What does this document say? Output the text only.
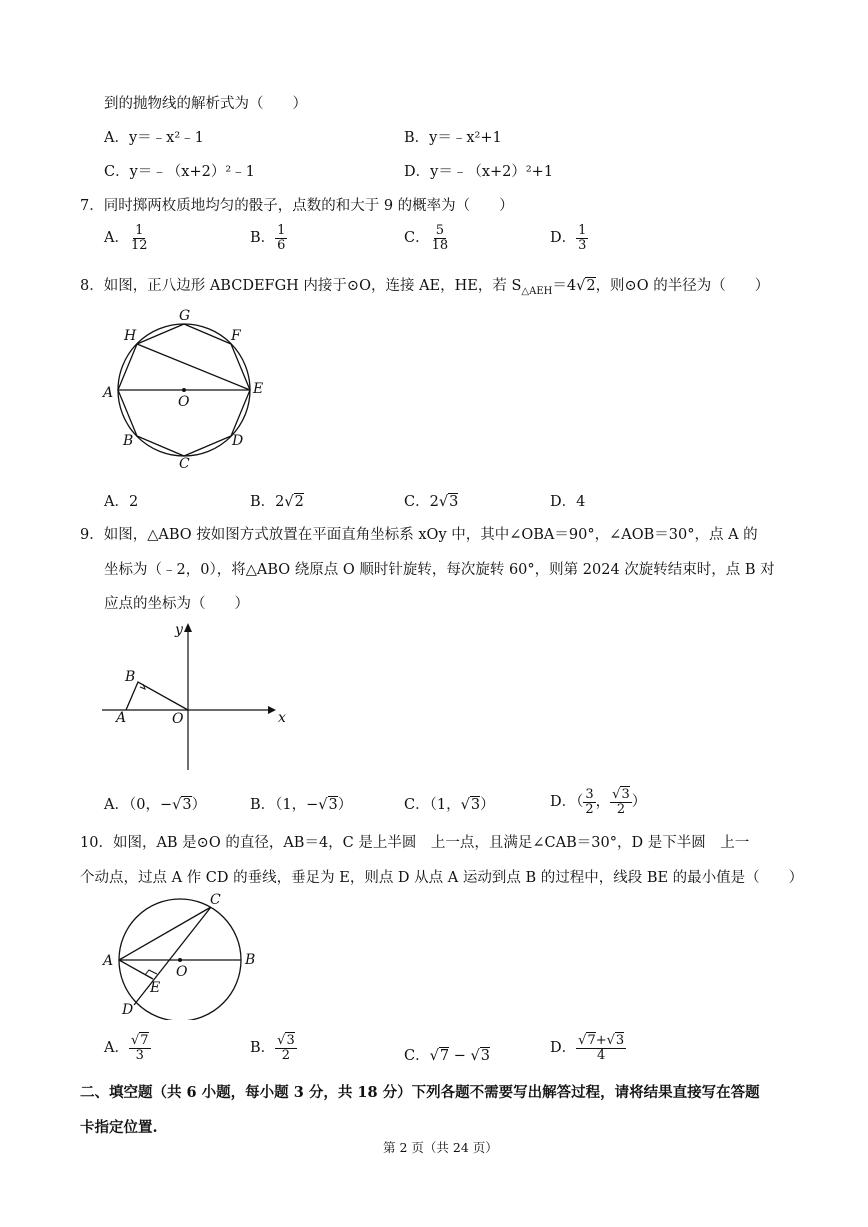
到的抛物线的解析式为（　　）
A．y＝﹣x²﹣1	B．y＝﹣x²+1
C．y＝﹣（x+2）²﹣1	D．y＝﹣（x+2）²+1
7．同时掷两枚质地均匀的骰子，点数的和大于 9 的概率为（　　）
A． $\frac{1}{12}$	B． $\frac{1}{6}$	C． $\frac{5}{18}$	D． $\frac{1}{3}$
8．如图，正八边形 ABCDEFGH 内接于⊙O，连接 AE，HE，若 $S_{\triangle AEH}=4√2$，则⊙O 的半径为（　　）
A
B
C
D
E
F
G
H
O
A．2	B．2√2	C．2√3	D．4
9．如图，△ABO 按如图方式放置在平面直角坐标系 xOy 中，其中∠OBA＝90°，∠AOB＝30°，点 A 的
坐标为（﹣2，0），将△ABO 绕原点 O 顺时针旋转，每次旋转 60°，则第 2024 次旋转结束时，点 B 对
应点的坐标为（　　）
x
y
A
B
O
A．（0，−√3）	B．（1，−√3）	C．（1，√3）	D．（ $\frac{3}{2}$ ， $\frac{√3}{2}$ ）
10．如图，AB 是⊙O 的直径，AB＝4，C 是上半圆　上一点，且满足∠CAB＝30°，D 是下半圆　上一
个动点，过点 A 作 CD 的垂线，垂足为 E，则点 D 从点 A 运动到点 B 的过程中，线段 BE 的最小值是（　　）
A	B
C
D
E
O
A． $\frac{√7}{3}$	B． $\frac{√3}{2}$	C．√7 − √3	D． $\frac{√7+√3}{4}$
二、填空题（共 6 小题，每小题 3 分，共 18 分）下列各题不需要写出解答过程，请将结果直接写在答题
卡指定位置.
第 2 页（共 24 页）
